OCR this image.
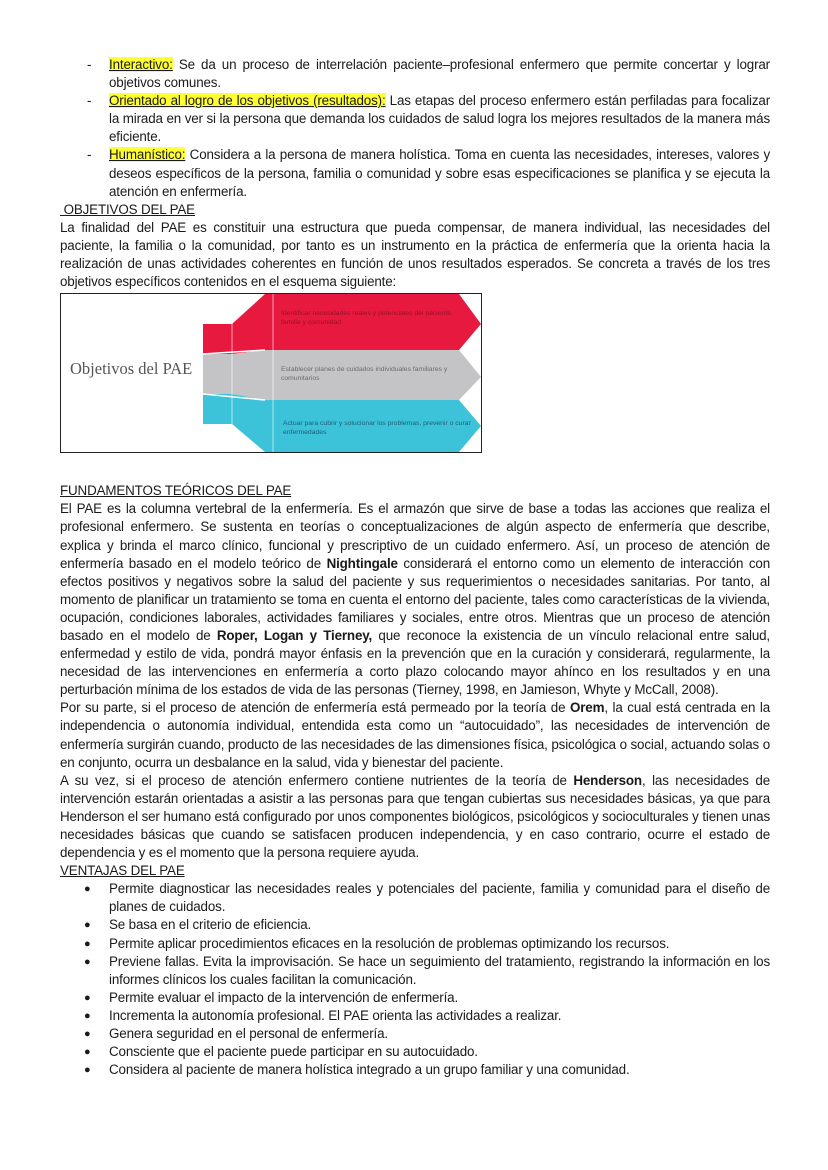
- Interactivo: Se da un proceso de interrelación paciente–profesional enfermero que permite concertar y lograr objetivos comunes.
- Orientado al logro de los objetivos (resultados): Las etapas del proceso enfermero están perfiladas para focalizar la mirada en ver si la persona que demanda los cuidados de salud logra los mejores resultados de la manera más eficiente.
- Humanístico: Considera a la persona de manera holística. Toma en cuenta las necesidades, intereses, valores y deseos específicos de la persona, familia o comunidad y sobre esas especificaciones se planifica y se ejecuta la atención en enfermería.
OBJETIVOS DEL PAE

La finalidad del PAE es constituir una estructura que pueda compensar, de manera individual, las necesidades del paciente, la familia o la comunidad, por tanto es un instrumento en la práctica de enfermería que la orienta hacia la realización de unas actividades coherentes en función de unos resultados esperados. Se concreta a través de los tres objetivos específicos contenidos en el esquema siguiente:

Objetivos del PAE
Identificar necesidades reales y potenciales del paciente, familia y comunidad
Establecer planes de cuidados individuales familiares y comunitarios
Actuar para cubrir y solucionar los problemas, prevenir o curar enfermedades
FUNDAMENTOS TEÓRICOS DEL PAE

El PAE es la columna vertebral de la enfermería. Es el armazón que sirve de base a todas las acciones que realiza el profesional enfermero. Se sustenta en teorías o conceptualizaciones de algún aspecto de enfermería que describe, explica y brinda el marco clínico, funcional y prescriptivo de un cuidado enfermero. Así, un proceso de atención de enfermería basado en el modelo teórico de Nightingale considerará el entorno como un elemento de interacción con efectos positivos y negativos sobre la salud del paciente y sus requerimientos o necesidades sanitarias. Por tanto, al momento de planificar un tratamiento se toma en cuenta el entorno del paciente, tales como características de la vivienda, ocupación, condiciones laborales, actividades familiares y sociales, entre otros. Mientras que un proceso de atención basado en el modelo de Roper, Logan y Tierney, que reconoce la existencia de un vínculo relacional entre salud, enfermedad y estilo de vida, pondrá mayor énfasis en la prevención que en la curación y considerará, regularmente, la necesidad de las intervenciones en enfermería a corto plazo colocando mayor ahínco en los resultados y en una perturbación mínima de los estados de vida de las personas (Tierney, 1998, en Jamieson, Whyte y McCall, 2008).

Por su parte, si el proceso de atención de enfermería está permeado por la teoría de Orem, la cual está centrada en la independencia o autonomía individual, entendida esta como un “autocuidado”, las necesidades de intervención de enfermería surgirán cuando, producto de las necesidades de las dimensiones física, psicológica o social, actuando solas o en conjunto, ocurra un desbalance en la salud, vida y bienestar del paciente.

A su vez, si el proceso de atención enfermero contiene nutrientes de la teoría de Henderson, las necesidades de intervención estarán orientadas a asistir a las personas para que tengan cubiertas sus necesidades básicas, ya que para Henderson el ser humano está configurado por unos componentes biológicos, psicológicos y socioculturales y tienen unas necesidades básicas que cuando se satisfacen producen independencia, y en caso contrario, ocurre el estado de dependencia y es el momento que la persona requiere ayuda.

VENTAJAS DEL PAE
● Permite diagnosticar las necesidades reales y potenciales del paciente, familia y comunidad para el diseño de planes de cuidados.
● Se basa en el criterio de eficiencia.
● Permite aplicar procedimientos eficaces en la resolución de problemas optimizando los recursos.
● Previene fallas. Evita la improvisación. Se hace un seguimiento del tratamiento, registrando la información en los informes clínicos los cuales facilitan la comunicación.
● Permite evaluar el impacto de la intervención de enfermería.
● Incrementa la autonomía profesional. El PAE orienta las actividades a realizar.
● Genera seguridad en el personal de enfermería.
● Consciente que el paciente puede participar en su autocuidado.
● Considera al paciente de manera holística integrado a un grupo familiar y una comunidad.
